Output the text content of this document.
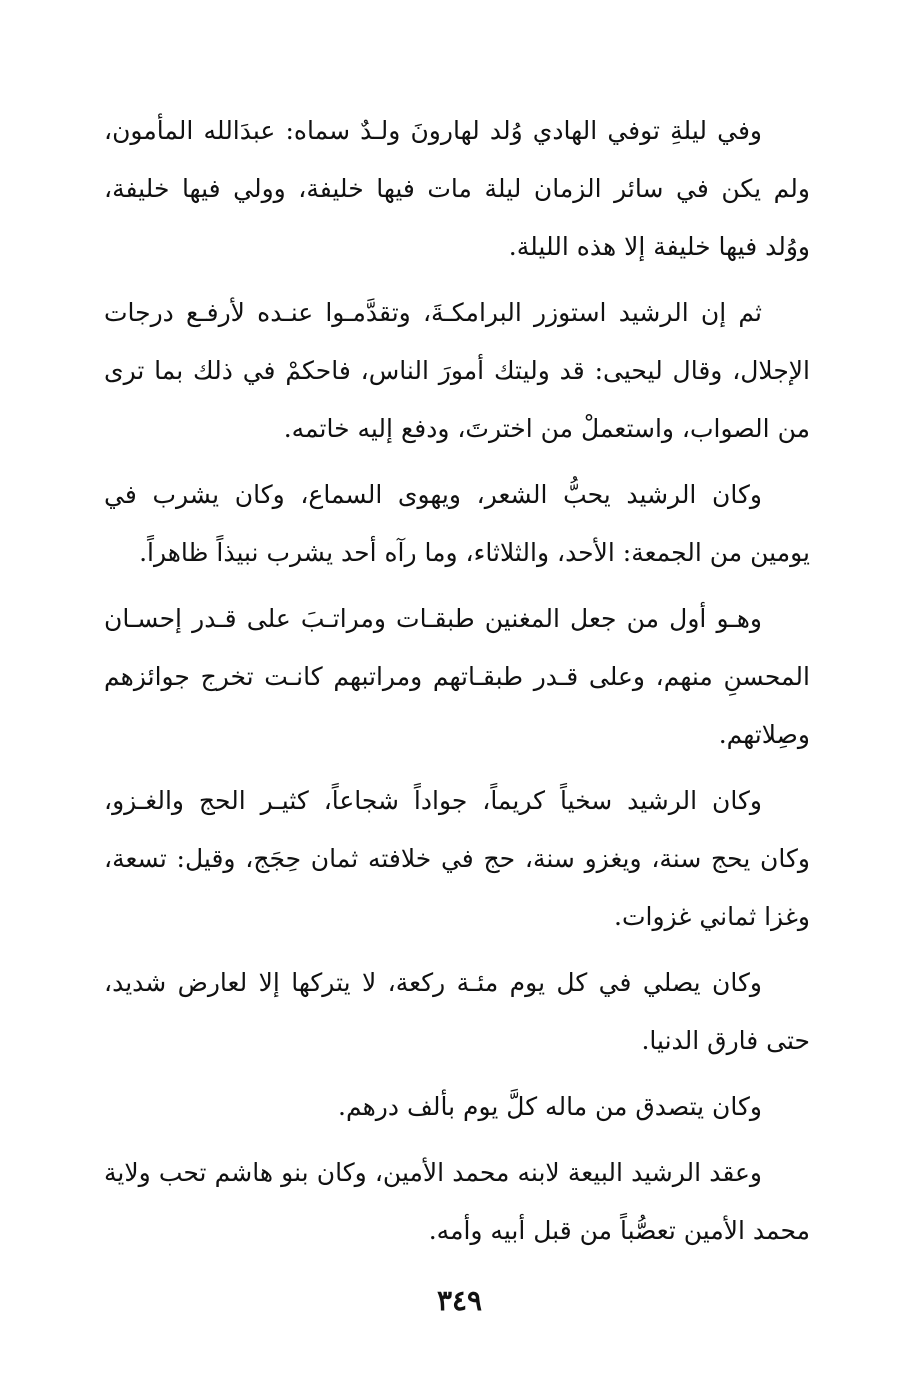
وفي ليلةِ توفي الهادي وُلد لهارونَ ولـدٌ سماه: عبدَالله المأمون، ولم يكن في سائر الزمان ليلة مات فيها خليفة، وولي فيها خليفة، ووُلد فيها خليفة إلا هذه الليلة.

ثم إن الرشيد استوزر البرامكـةَ، وتقدَّمـوا عنـده لأرفـع درجات الإجلال، وقال ليحيى: قد وليتك أمورَ الناس، فاحكمْ في ذلك بما ترى من الصواب، واستعملْ من اخترتَ، ودفع إليه خاتمه.

وكان الرشيد يحبُّ الشعر، ويهوى السماع، وكان يشرب في يومين من الجمعة: الأحد، والثلاثاء، وما رآه أحد يشرب نبيذاً ظاهراً.

وهـو أول من جعل المغنين طبقـات ومراتـبَ على قـدر إحسـان المحسنِ منهم، وعلى قـدر طبقـاتهم ومراتبهم كانـت تخرج جوائزهم وصِلاتهم.

وكان الرشيد سخياً كريماً، جواداً شجاعاً، كثيـر الحج والغـزو، وكان يحج سنة، ويغزو سنة، حج في خلافته ثمان حِجَج، وقيل: تسعة، وغزا ثماني غزوات.

وكان يصلي في كل يوم مئـة ركعة، لا يتركها إلا لعارض شديد، حتى فارق الدنيا.

وكان يتصدق من ماله كلَّ يوم بألف درهم.

وعقد الرشيد البيعة لابنه محمد الأمين، وكان بنو هاشم تحب ولاية محمد الأمين تعصُّباً من قبل أبيه وأمه.

٣٤٩
